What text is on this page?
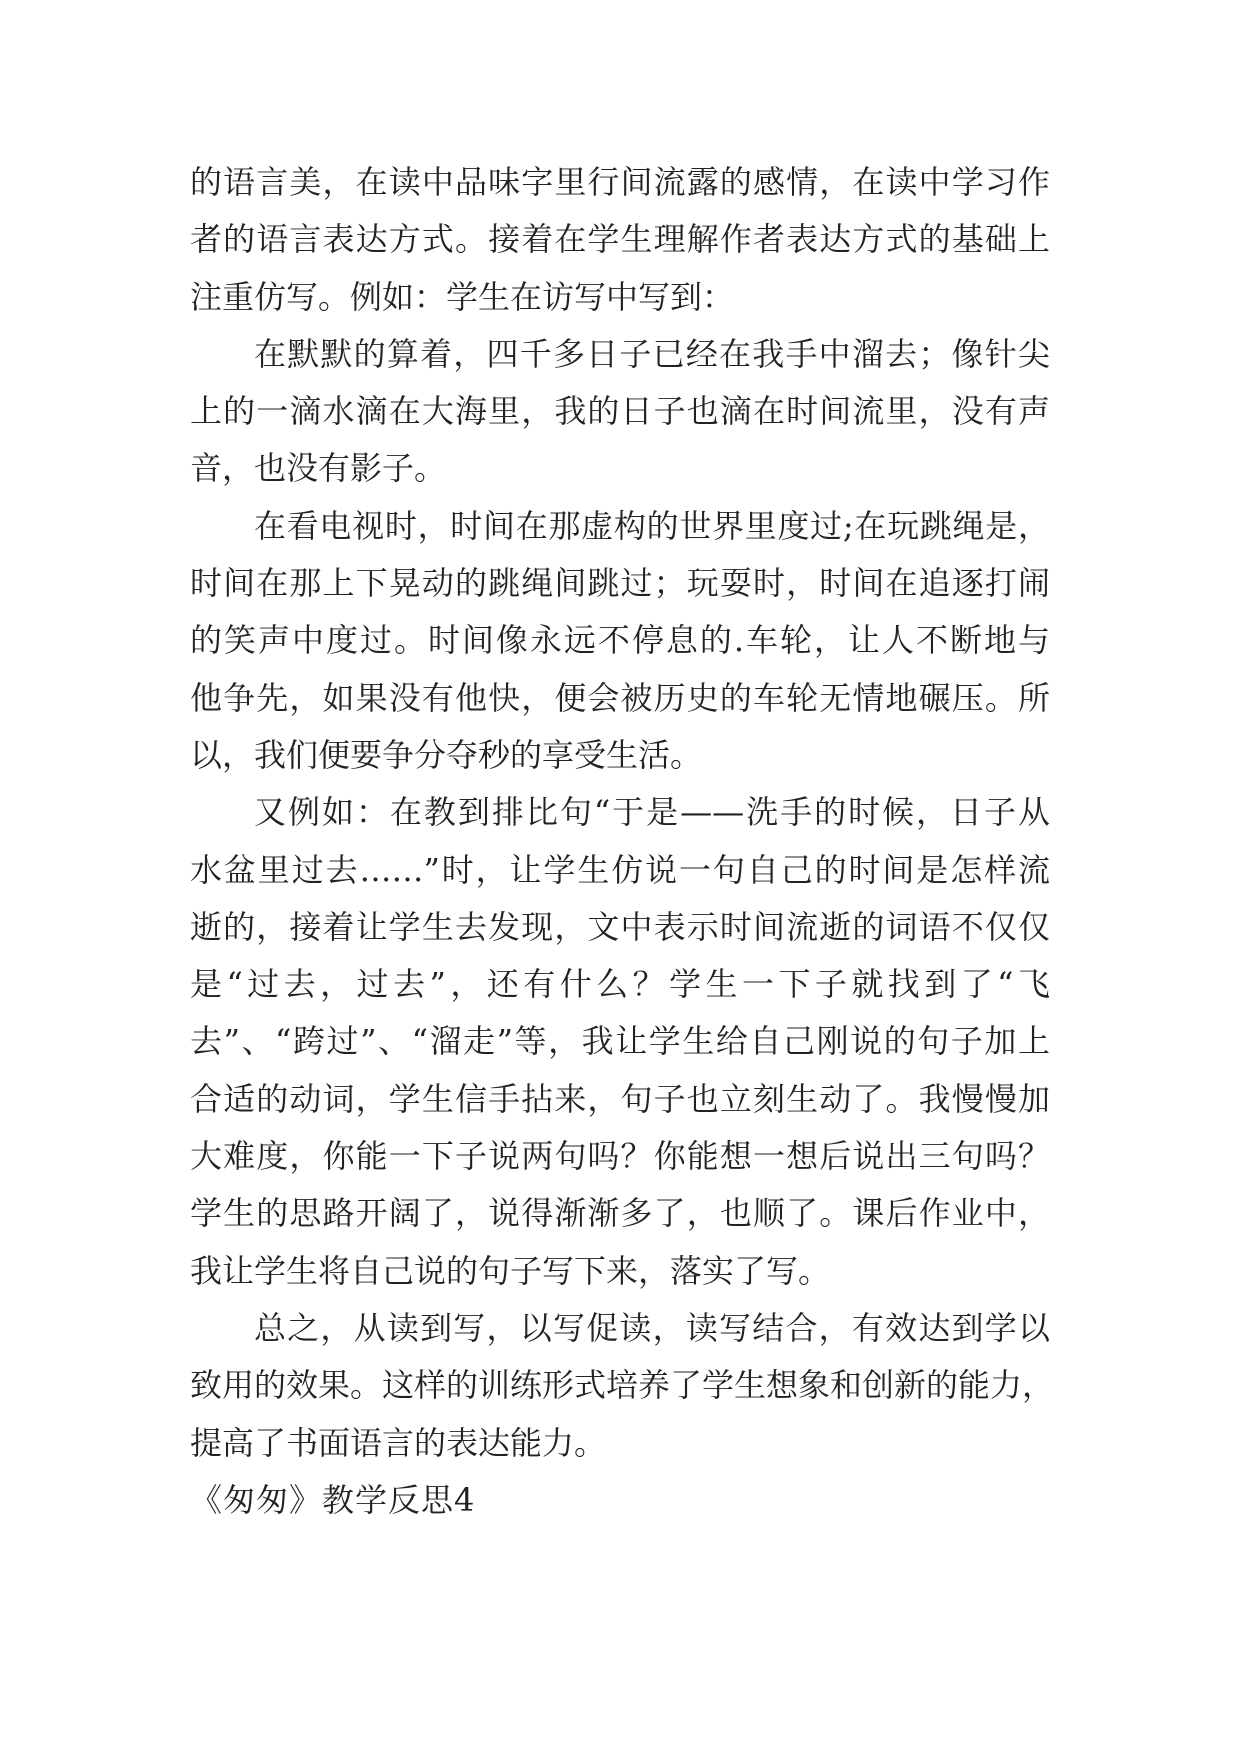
的语言美，在读中品味字里行间流露的感情，在读中学习作
者的语言表达方式。接着在学生理解作者表达方式的基础上
注重仿写。例如：学生在访写中写到：
在默默的算着，四千多日子已经在我手中溜去；像针尖
上的一滴水滴在大海里，我的日子也滴在时间流里，没有声
音，也没有影子。
在看电视时，时间在那虚构的世界里度过;在玩跳绳是，
时间在那上下晃动的跳绳间跳过；玩耍时，时间在追逐打闹
的笑声中度过。时间像永远不停息的.车轮，让人不断地与
他争先，如果没有他快，便会被历史的车轮无情地碾压。所
以，我们便要争分夺秒的享受生活。
又例如：在教到排比句“于是——洗手的时候，日子从
水盆里过去……”时，让学生仿说一句自己的时间是怎样流
逝的，接着让学生去发现，文中表示时间流逝的词语不仅仅
是“过去，过去”，还有什么？学生一下子就找到了“飞
去”、“跨过”、“溜走”等，我让学生给自己刚说的句子加上
合适的动词，学生信手拈来，句子也立刻生动了。我慢慢加
大难度，你能一下子说两句吗？你能想一想后说出三句吗？
学生的思路开阔了，说得渐渐多了，也顺了。课后作业中，
我让学生将自己说的句子写下来，落实了写。
总之，从读到写，以写促读，读写结合，有效达到学以
致用的效果。这样的训练形式培养了学生想象和创新的能力，
提高了书面语言的表达能力。
《匆匆》教学反思4
